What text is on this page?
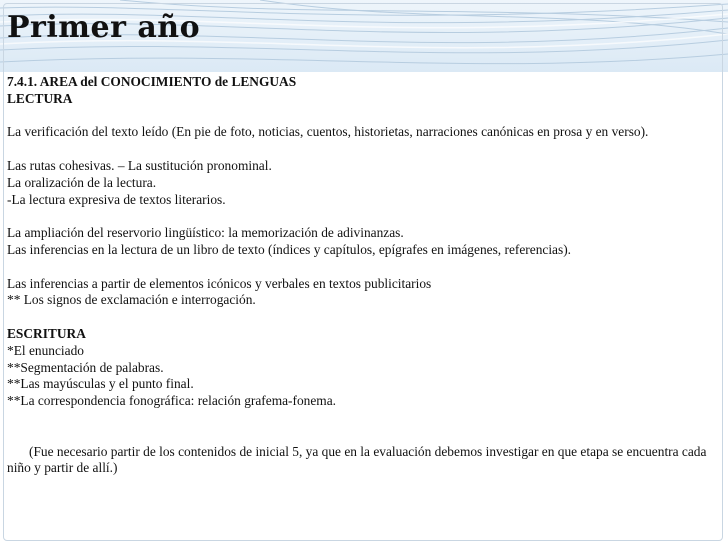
Primer año

7.4.1. AREA del CONOCIMIENTO de LENGUAS

LECTURA

La verificación del texto leído (En pie de foto, noticias, cuentos, historietas, narraciones canónicas en prosa y en verso).

Las rutas cohesivas. – La sustitución pronominal.

La oralización de la lectura.

-La lectura expresiva de textos literarios.

La ampliación del reservorio lingüístico: la memorización de adivinanzas.

Las inferencias en la lectura de un libro de texto (índices y capítulos, epígrafes en imágenes, referencias).

Las inferencias a partir de elementos icónicos y verbales en textos publicitarios

** Los signos de exclamación e interrogación.

ESCRITURA

*El enunciado

**Segmentación de palabras.

**Las mayúsculas y el punto final.

**La correspondencia fonográfica: relación grafema-fonema.

(Fue necesario partir de los contenidos de inicial 5, ya que en la evaluación debemos investigar en que etapa se encuentra cada niño y partir de allí.)
